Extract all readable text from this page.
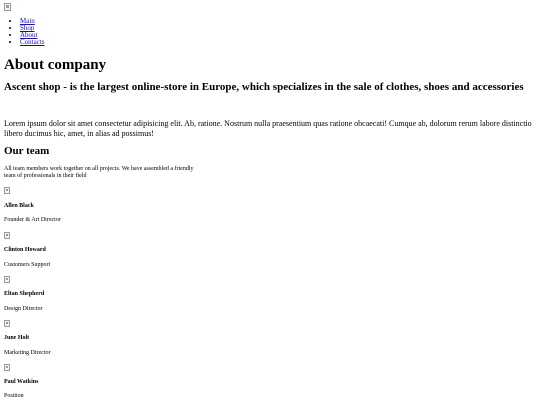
• Main
• Shop
• About
• Contacts
About company
Ascent shop - is the largest online-store in Europe, which specializes in the sale of clothes, shoes and accessories

Lorem ipsum dolor sit amet consectetur adipisicing elit. Ab, ratione. Nostrum nulla praesentium quas ratione obcaecati! Cumque ab, dolorum rerum labore distinctio libero ducimus hic, amet, in alias ad possimus!

Our team

All team members work together on all projects. We have assembled a friendly team of professionals in their field

Allen Black

Founder & Art Director

Clinton Howard

Customers Support

Eltan Shepherd

Design Director

June Holt

Marketing Director

Paul Watkins

Position
